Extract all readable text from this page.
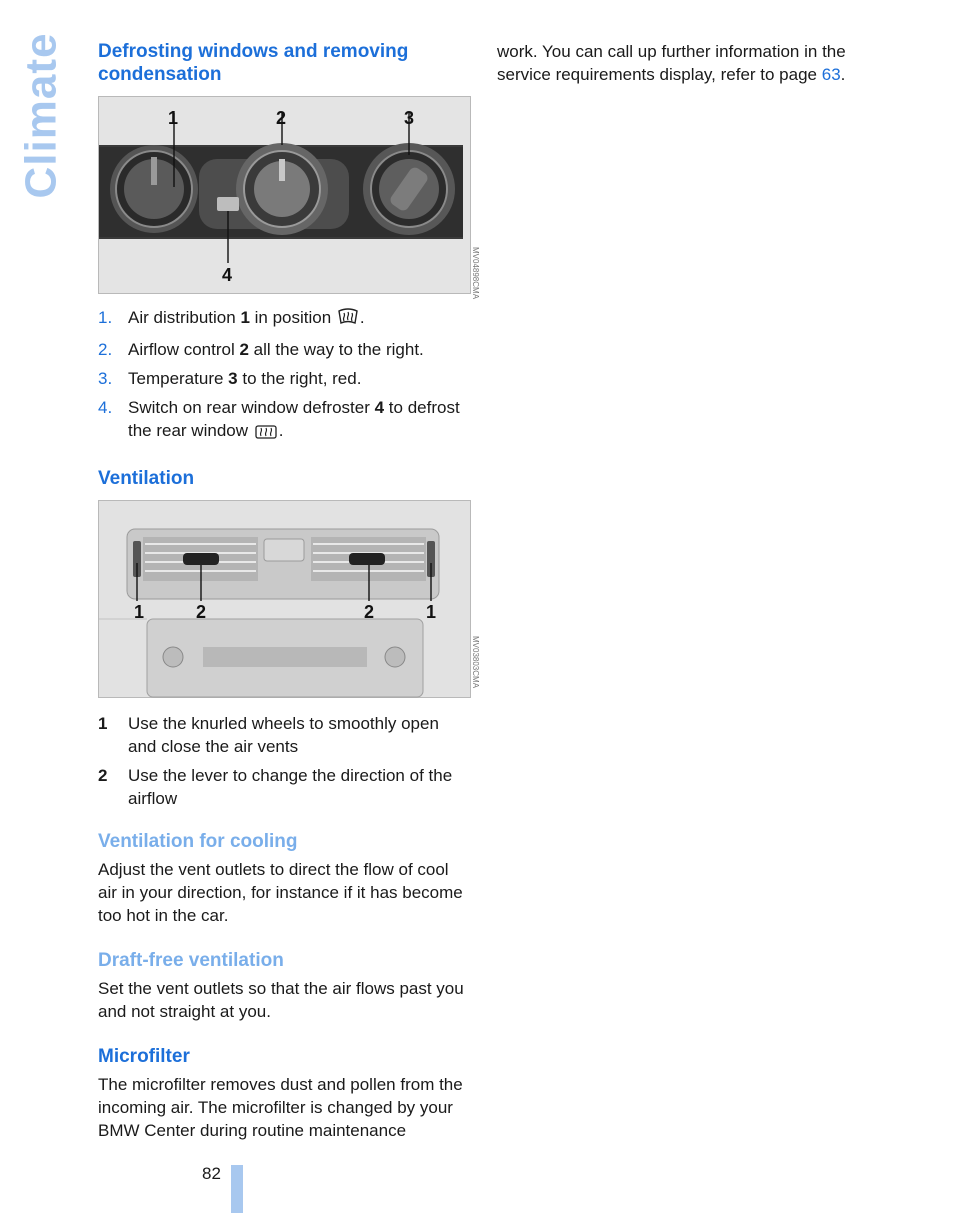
Climate Defrosting windows and removing condensation
1	2	3
4	MV04898CMA
1. Air distribution 1 in position .
2. Airflow control 2 all the way to the right.
3. Temperature 3 to the right, red.
4. Switch on rear window defroster 4 to defrost the rear window .
Ventilation
1	2	2	1
MV03803CMA
1	Use the knurled wheels to smoothly open and close the air vents
2	Use the lever to change the direction of the airflow
Ventilation for cooling

Adjust the vent outlets to direct the flow of cool air in your direction, for instance if it has become too hot in the car.

Draft-free ventilation

Set the vent outlets so that the air flows past you and not straight at you.

Microfilter

The microfilter removes dust and pollen from the incoming air. The microfilter is changed by your BMW Center during routine maintenance

work. You can call up further information in the service requirements display, refer to page 63.

82
